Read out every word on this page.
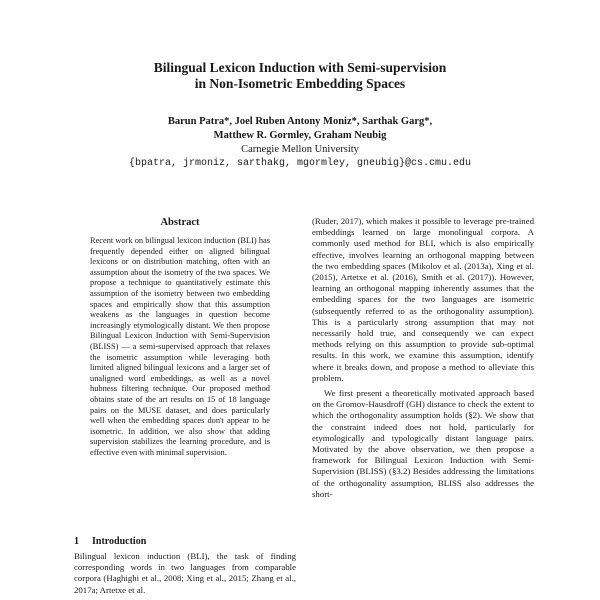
Bilingual Lexicon Induction with Semi-supervision
in Non-Isometric Embedding Spaces
Barun Patra*, Joel Ruben Antony Moniz*, Sarthak Garg*,
Matthew R. Gormley, Graham Neubig
Carnegie Mellon University
{bpatra, jrmoniz, sarthakg, mgormley, gneubig}@cs.cmu.edu
Abstract

Recent work on bilingual lexicon induction (BLI) has frequently depended either on aligned bilingual lexicons or on distribution matching, often with an assumption about the isometry of the two spaces. We propose a technique to quantitatively estimate this assumption of the isometry between two embedding spaces and empirically show that this assumption weakens as the languages in question become increasingly etymologically distant. We then propose Bilingual Lexicon Induction with Semi-Supervision (BLISS) — a semi-supervised approach that relaxes the isometric assumption while leveraging both limited aligned bilingual lexicons and a larger set of unaligned word embeddings, as well as a novel hubness filtering technique. Our proposed method obtains state of the art results on 15 of 18 language pairs on the MUSE dataset, and does particularly well when the embedding spaces don't appear to be isometric. In addition, we also show that adding supervision stabilizes the learning procedure, and is effective even with minimal supervision.

1 Introduction

Bilingual lexicon induction (BLI), the task of finding corresponding words in two languages from comparable corpora (Haghighi et al., 2008; Xing et al., 2015; Zhang et al., 2017a; Artetxe et al.

(Ruder, 2017), which makes it possible to leverage pre-trained embeddings learned on large monolingual corpora. A commonly used method for BLI, which is also empirically effective, involves learning an orthogonal mapping between the two embedding spaces (Mikolov et al. (2013a), Xing et al. (2015), Artetxe et al. (2016), Smith et al. (2017)). However, learning an orthogonal mapping inherently assumes that the embedding spaces for the two languages are isometric (subsequently referred to as the orthogonality assumption). This is a particularly strong assumption that may not necessarily hold true, and consequently we can expect methods relying on this assumption to provide sub-optimal results. In this work, we examine this assumption, identify where it breaks down, and propose a method to alleviate this problem.

We first present a theoretically motivated approach based on the Gromov-Hausdroff (GH) distance to check the extent to which the orthogonality assumption holds (§2). We show that the constraint indeed does not hold, particularly for etymologically and typologically distant language pairs. Motivated by the above observation, we then propose a framework for Bilingual Lexicon Induction with Semi-Supervision (BLISS) (§3.2) Besides addressing the limitations of the orthogonality assumption, BLISS also addresses the short-
